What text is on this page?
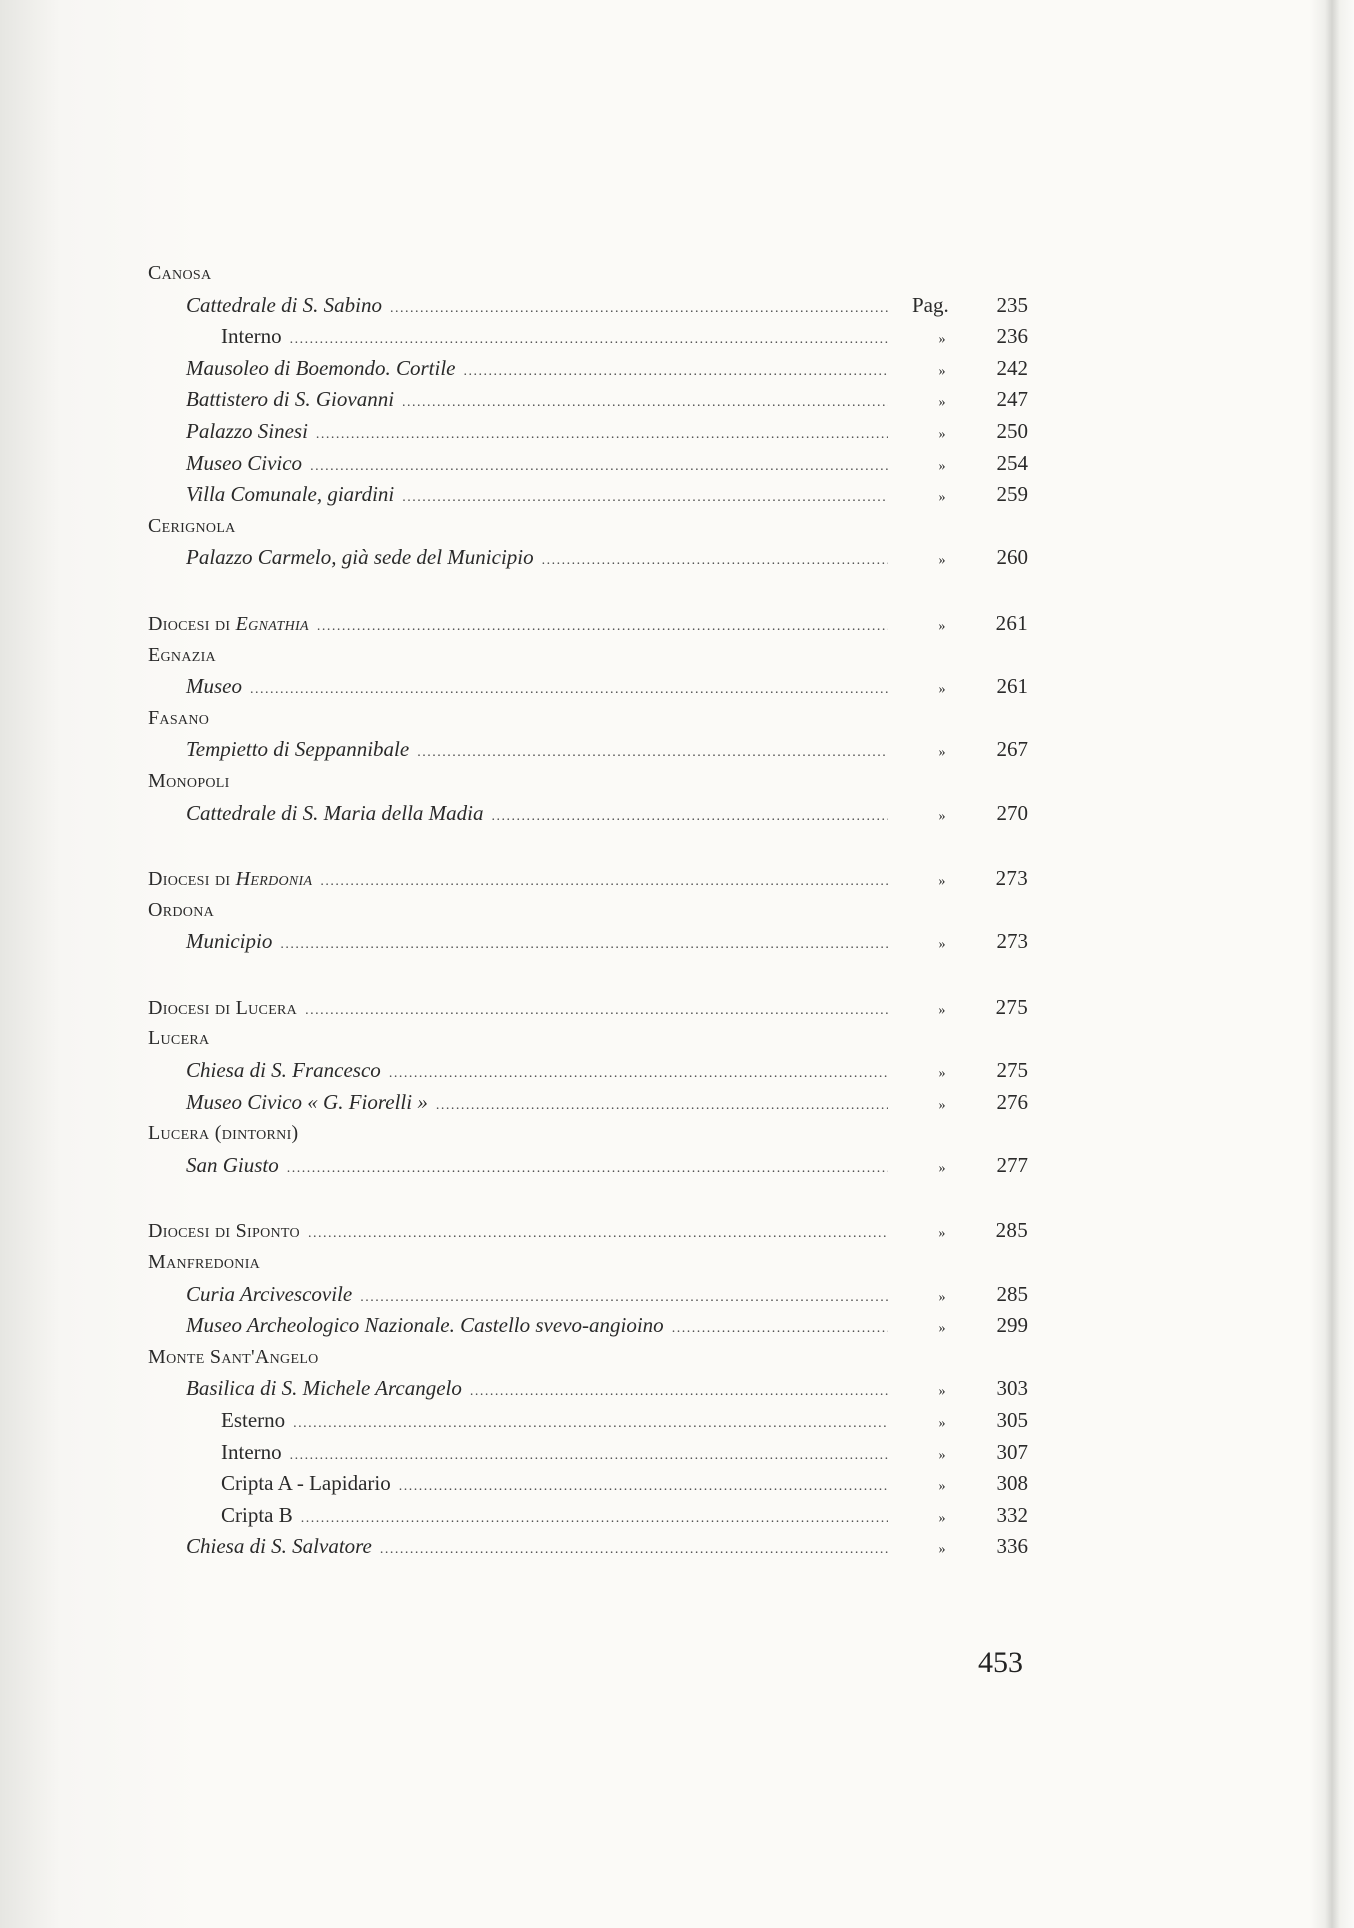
Canosa
Cattedrale di S. Sabino . . .	Pag.	235
Interno . . .	»	236
Mausoleo di Boemondo. Cortile . . .	»	242
Battistero di S. Giovanni . . .	»	247
Palazzo Sinesi . . .	»	250
Museo Civico . . .	»	254
Villa Comunale, giardini . . .	»	259
Cerignola
Palazzo Carmelo, già sede del Municipio . . .	»	260
Diocesi di Egnathia . . .	»	261
Egnazia
Museo . . .	»	261
Fasano
Tempietto di Seppannibale . . .	»	267
Monopoli
Cattedrale di S. Maria della Madia . . .	»	270
Diocesi di Herdonia . . .	»	273
Ordona
Municipio . . .	»	273
Diocesi di Lucera . . .	»	275
Lucera
Chiesa di S. Francesco . . .	»	275
Museo Civico « G. Fiorelli » . . .	»	276
Lucera (dintorni)
San Giusto . . .	»	277
Diocesi di Siponto . . .	»	285
Manfredonia
Curia Arcivescovile . . .	»	285
Museo Archeologico Nazionale. Castello svevo-angioino . . .	»	299
Monte Sant'Angelo
Basilica di S. Michele Arcangelo . . .	»	303
Esterno . . .	»	305
Interno . . .	»	307
Cripta A - Lapidario . . .	»	308
Cripta B . . .	»	332
Chiesa di S. Salvatore . . .	»	336
453
